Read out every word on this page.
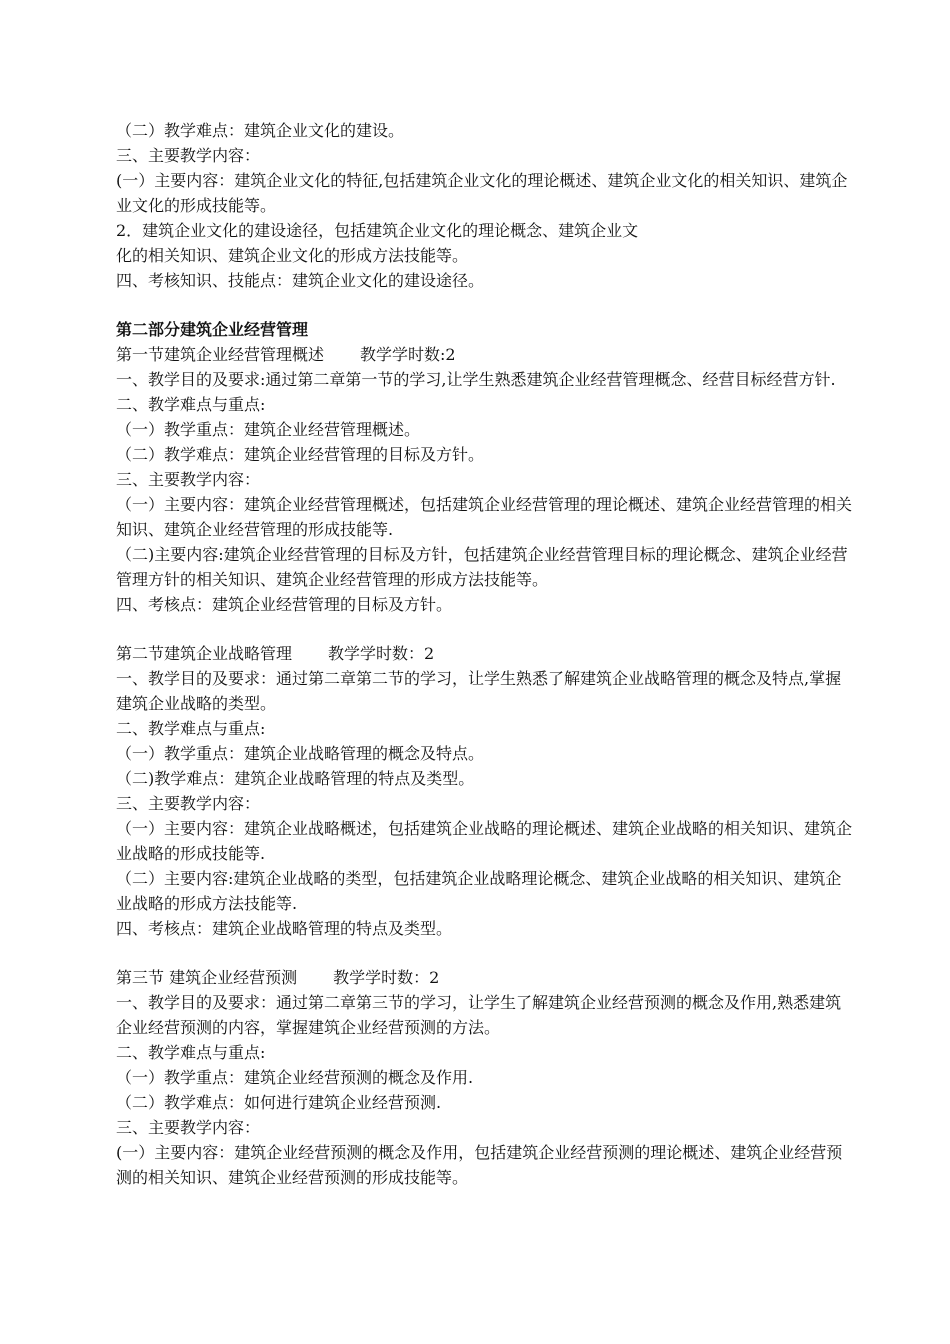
（二）教学难点：建筑企业文化的建设。
三、主要教学内容：
(一）主要内容：建筑企业文化的特征,包括建筑企业文化的理论概述、建筑企业文化的相关知识、建筑企业文化的形成技能等。
2．建筑企业文化的建设途径，包括建筑企业文化的理论概念、建筑企业文
化的相关知识、建筑企业文化的形成方法技能等。
四、考核知识、技能点：建筑企业文化的建设途径。
第二部分建筑企业经营管理
第一节建筑企业经营管理概述 教学学时数:2
一、教学目的及要求:通过第二章第一节的学习,让学生熟悉建筑企业经营管理概念、经营目标经营方针.
二、教学难点与重点:
（一）教学重点：建筑企业经营管理概述。
（二）教学难点：建筑企业经营管理的目标及方针。
三、主要教学内容：
（一）主要内容：建筑企业经营管理概述，包括建筑企业经营管理的理论概述、建筑企业经营管理的相关知识、建筑企业经营管理的形成技能等.
（二)主要内容:建筑企业经营管理的目标及方针，包括建筑企业经营管理目标的理论概念、建筑企业经营管理方针的相关知识、建筑企业经营管理的形成方法技能等。
四、考核点：建筑企业经营管理的目标及方针。
第二节建筑企业战略管理 教学学时数：2
一、教学目的及要求：通过第二章第二节的学习，让学生熟悉了解建筑企业战略管理的概念及特点,掌握建筑企业战略的类型。
二、教学难点与重点:
（一）教学重点：建筑企业战略管理的概念及特点。
（二)教学难点：建筑企业战略管理的特点及类型。
三、主要教学内容：
（一）主要内容：建筑企业战略概述，包括建筑企业战略的理论概述、建筑企业战略的相关知识、建筑企业战略的形成技能等.
（二）主要内容:建筑企业战略的类型，包括建筑企业战略理论概念、建筑企业战略的相关知识、建筑企业战略的形成方法技能等.
四、考核点：建筑企业战略管理的特点及类型。
第三节 建筑企业经营预测 教学学时数：2
一、教学目的及要求：通过第二章第三节的学习，让学生了解建筑企业经营预测的概念及作用,熟悉建筑企业经营预测的内容，掌握建筑企业经营预测的方法。
二、教学难点与重点:
（一）教学重点：建筑企业经营预测的概念及作用.
（二）教学难点：如何进行建筑企业经营预测.
三、主要教学内容：
(一）主要内容：建筑企业经营预测的概念及作用，包括建筑企业经营预测的理论概述、建筑企业经营预测的相关知识、建筑企业经营预测的形成技能等。
